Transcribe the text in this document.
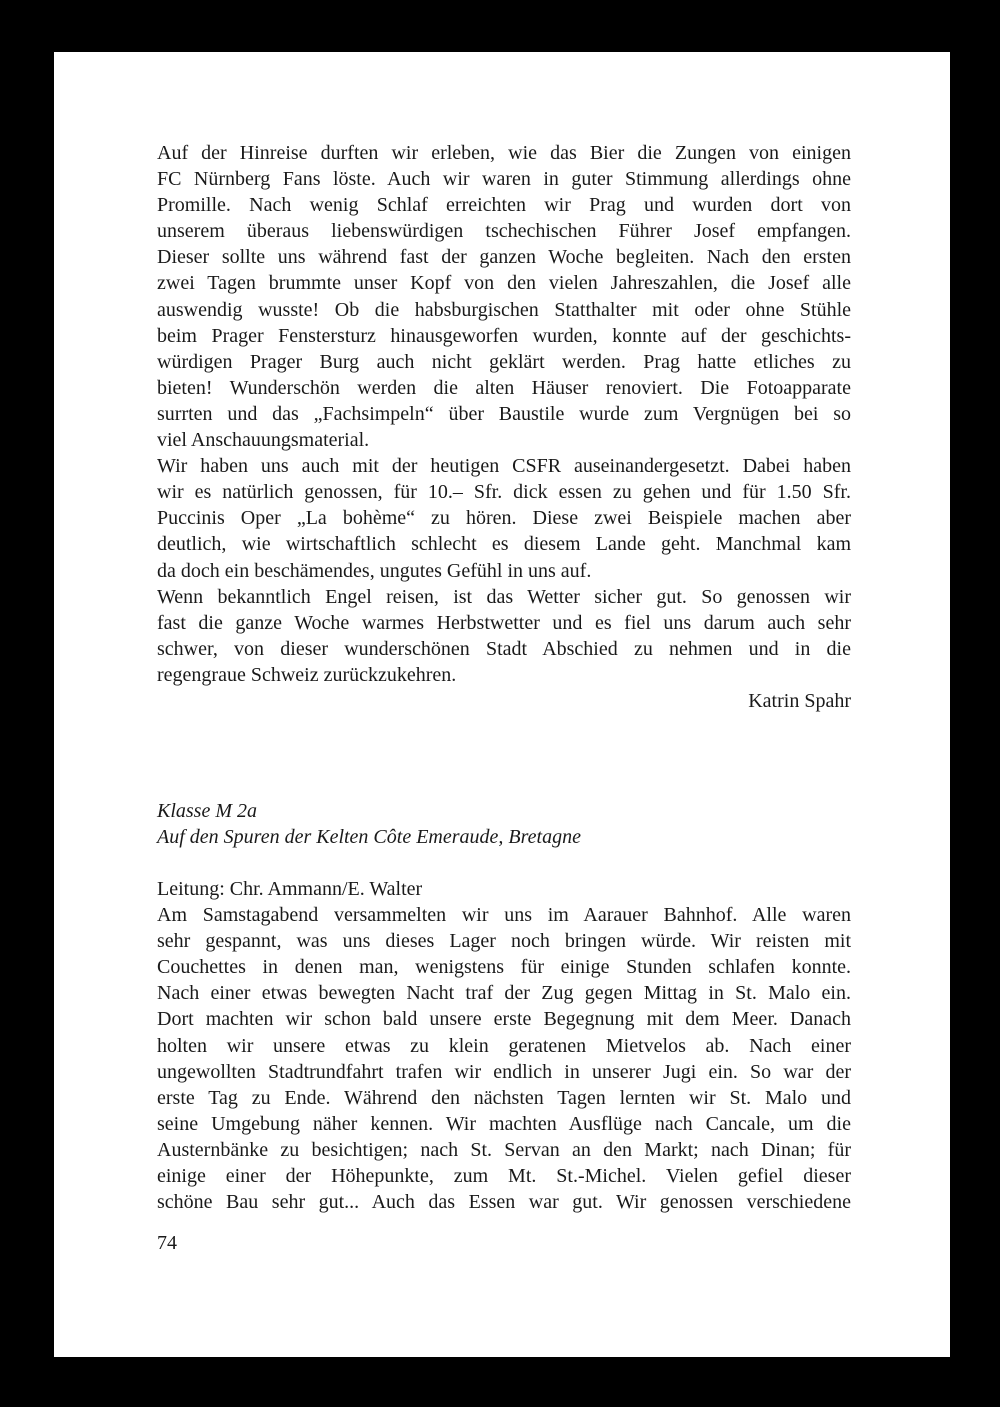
Auf der Hinreise durften wir erleben, wie das Bier die Zungen von einigen
FC Nürnberg Fans löste. Auch wir waren in guter Stimmung allerdings ohne
Promille. Nach wenig Schlaf erreichten wir Prag und wurden dort von
unserem überaus liebenswürdigen tschechischen Führer Josef empfangen.
Dieser sollte uns während fast der ganzen Woche begleiten. Nach den ersten
zwei Tagen brummte unser Kopf von den vielen Jahreszahlen, die Josef alle
auswendig wusste! Ob die habsburgischen Statthalter mit oder ohne Stühle
beim Prager Fenstersturz hinausgeworfen wurden, konnte auf der geschichts-
würdigen Prager Burg auch nicht geklärt werden. Prag hatte etliches zu
bieten! Wunderschön werden die alten Häuser renoviert. Die Fotoapparate
surrten und das „Fachsimpeln“ über Baustile wurde zum Vergnügen bei so
viel Anschauungsmaterial.
Wir haben uns auch mit der heutigen CSFR auseinandergesetzt. Dabei haben
wir es natürlich genossen, für 10.– Sfr. dick essen zu gehen und für 1.50 Sfr.
Puccinis Oper „La bohème“ zu hören. Diese zwei Beispiele machen aber
deutlich, wie wirtschaftlich schlecht es diesem Lande geht. Manchmal kam
da doch ein beschämendes, ungutes Gefühl in uns auf.
Wenn bekanntlich Engel reisen, ist das Wetter sicher gut. So genossen wir
fast die ganze Woche warmes Herbstwetter und es fiel uns darum auch sehr
schwer, von dieser wunderschönen Stadt Abschied zu nehmen und in die
regengraue Schweiz zurückzukehren.
Katrin Spahr
Klasse M 2a
Auf den Spuren der Kelten Côte Emeraude, Bretagne
Leitung: Chr. Ammann/E. Walter
Am Samstagabend versammelten wir uns im Aarauer Bahnhof. Alle waren
sehr gespannt, was uns dieses Lager noch bringen würde. Wir reisten mit
Couchettes in denen man, wenigstens für einige Stunden schlafen konnte.
Nach einer etwas bewegten Nacht traf der Zug gegen Mittag in St. Malo ein.
Dort machten wir schon bald unsere erste Begegnung mit dem Meer. Danach
holten wir unsere etwas zu klein geratenen Mietvelos ab. Nach einer
ungewollten Stadtrundfahrt trafen wir endlich in unserer Jugi ein. So war der
erste Tag zu Ende. Während den nächsten Tagen lernten wir St. Malo und
seine Umgebung näher kennen. Wir machten Ausflüge nach Cancale, um die
Austernbänke zu besichtigen; nach St. Servan an den Markt; nach Dinan; für
einige einer der Höhepunkte, zum Mt. St.-Michel. Vielen gefiel dieser
schöne Bau sehr gut... Auch das Essen war gut. Wir genossen verschiedene
74
